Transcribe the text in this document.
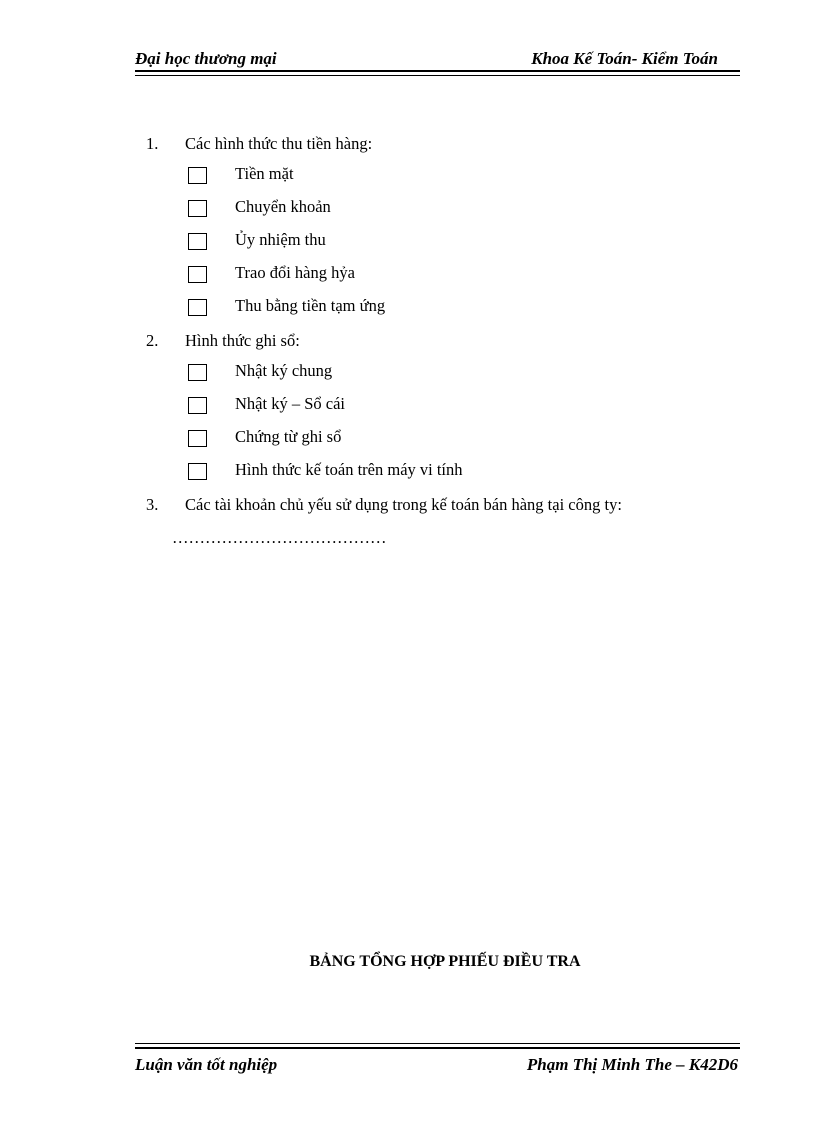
Đại học thương mại	Khoa Kế Toán- Kiểm Toán
1. Các hình thức thu tiền hàng:
Tiền mặt
Chuyển khoản
Ủy nhiệm thu
Trao đổi hàng hỷa
Thu bằng tiền tạm ứng
2. Hình thức ghi sổ:
Nhật ký chung
Nhật ký – Sổ cái
Chứng từ ghi sổ
Hình thức kế toán trên máy vi tính
3. Các tài khoản chủ yếu sử dụng trong kế toán bán hàng tại công ty:
…………………………………
BẢNG TỔNG HỢP PHIẾU ĐIỀU TRA
Luận văn tốt nghiệp	Phạm Thị Minh The – K42D6
